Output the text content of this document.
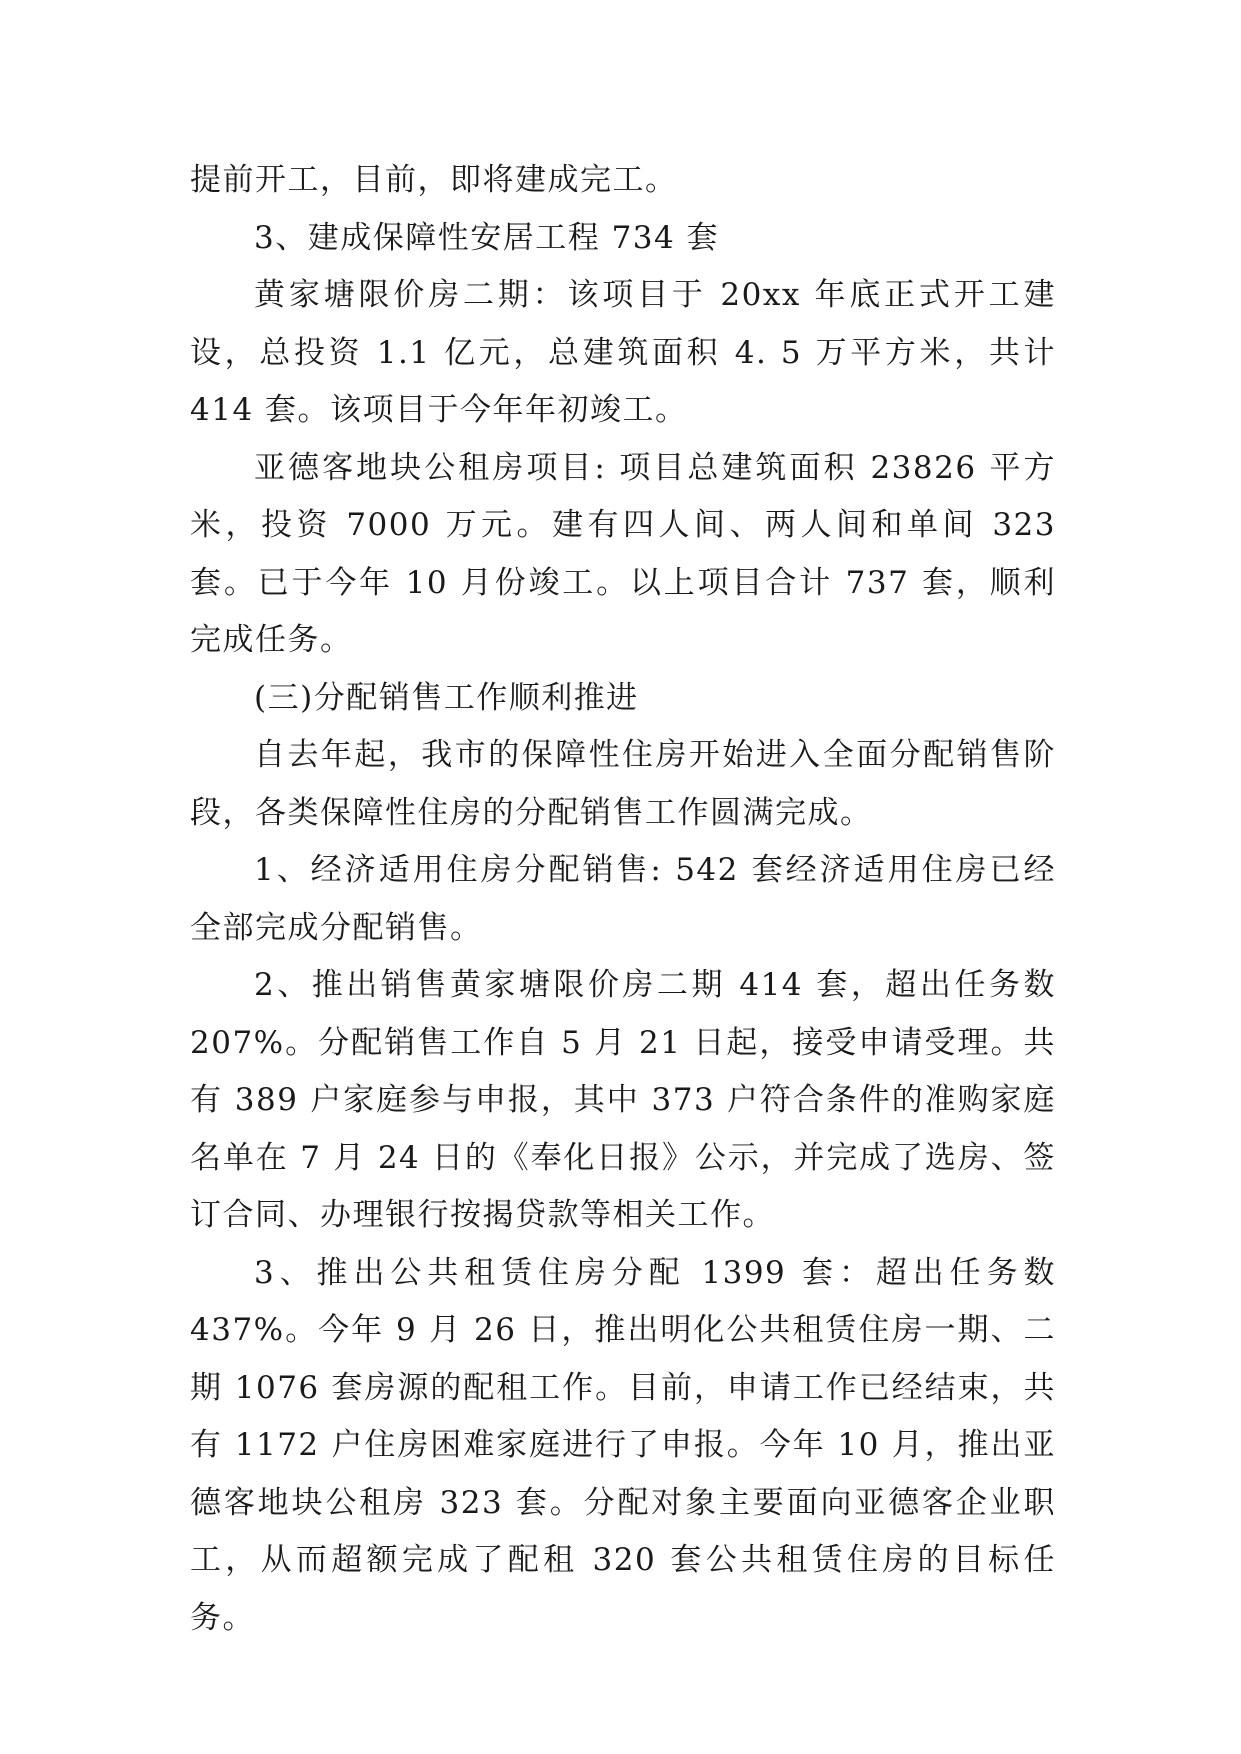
提前开工，目前，即将建成完工。

3、建成保障性安居工程 734 套

黄家塘限价房二期：该项目于 20xx 年底正式开工建设，总投资 1.1 亿元，总建筑面积 4. 5 万平方米，共计 414 套。该项目于今年年初竣工。

亚德客地块公租房项目: 项目总建筑面积 23826 平方米，投资 7000 万元。建有四人间、两人间和单间 323 套。已于今年 10 月份竣工。以上项目合计 737 套，顺利完成任务。

(三)分配销售工作顺利推进

自去年起，我市的保障性住房开始进入全面分配销售阶段，各类保障性住房的分配销售工作圆满完成。

1、经济适用住房分配销售: 542 套经济适用住房已经全部完成分配销售。

2、推出销售黄家塘限价房二期 414 套，超出任务数 207%。分配销售工作自 5 月 21 日起，接受申请受理。共有 389 户家庭参与申报，其中 373 户符合条件的准购家庭名单在 7 月 24 日的《奉化日报》公示，并完成了选房、签订合同、办理银行按揭贷款等相关工作。

3、推出公共租赁住房分配 1399 套：超出任务数 437%。今年 9 月 26 日，推出明化公共租赁住房一期、二期 1076 套房源的配租工作。目前，申请工作已经结束，共有 1172 户住房困难家庭进行了申报。今年 10 月，推出亚德客地块公租房 323 套。分配对象主要面向亚德客企业职工，从而超额完成了配租 320 套公共租赁住房的目标任务。
